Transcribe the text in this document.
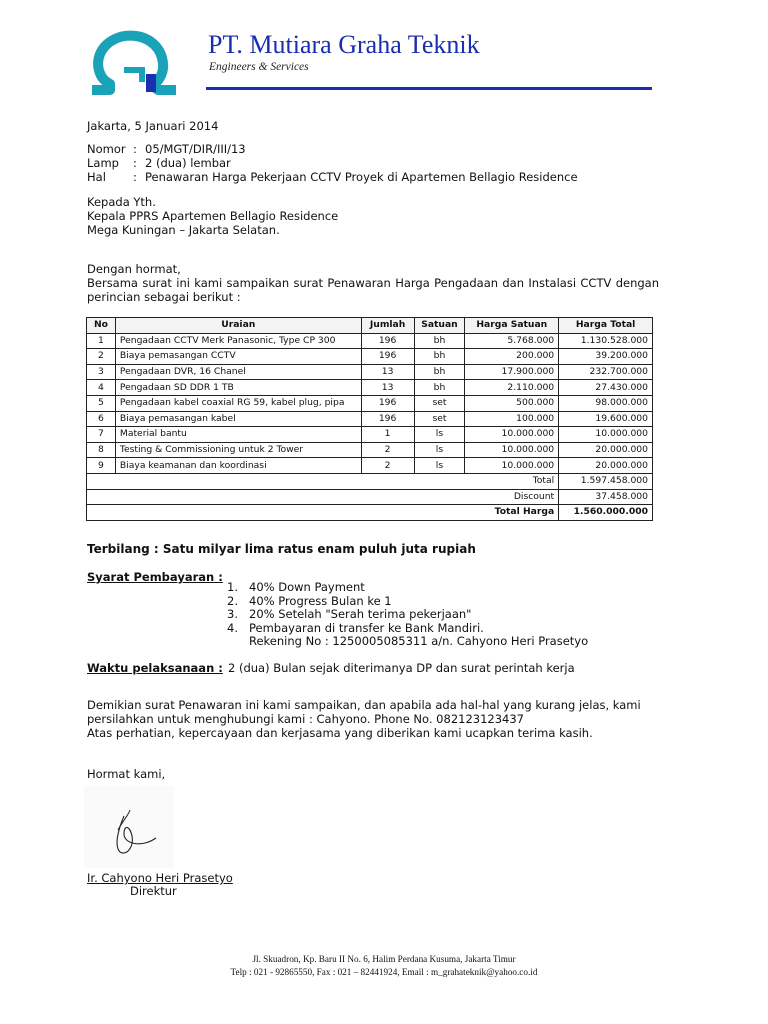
PT. Mutiara Graha Teknik
Engineers & Services
Jakarta, 5 Januari 2014
Nomor : 05/MGT/DIR/III/13
Lamp : 2 (dua) lembar
Hal : Penawaran Harga Pekerjaan CCTV Proyek di Apartemen Bellagio Residence
Kepada Yth.
Kepala PPRS Apartemen Bellagio Residence
Mega Kuningan – Jakarta Selatan.
Dengan hormat,
Bersama surat ini kami sampaikan surat Penawaran Harga Pengadaan dan Instalasi CCTV dengan perincian sebagai berikut :
No	Uraian	Jumlah	Satuan	Harga Satuan	Harga Total
1	Pengadaan CCTV Merk Panasonic, Type CP 300	196	bh	5.768.000	1.130.528.000
2	Biaya pemasangan CCTV	196	bh	200.000	39.200.000
3	Pengadaan DVR, 16 Chanel	13	bh	17.900.000	232.700.000
4	Pengadaan SD DDR 1 TB	13	bh	2.110.000	27.430.000
5	Pengadaan kabel coaxial RG 59, kabel plug, pipa	196	set	500.000	98.000.000
6	Biaya pemasangan kabel	196	set	100.000	19.600.000
7	Material bantu	1	ls	10.000.000	10.000.000
8	Testing & Commissioning untuk 2 Tower	2	ls	10.000.000	20.000.000
9	Biaya keamanan dan koordinasi	2	ls	10.000.000	20.000.000
Total					1.597.458.000
Discount					37.458.000
Total Harga					1.560.000.000
Terbilang : Satu milyar lima ratus enam puluh juta rupiah
Syarat Pembayaran :
1. 40% Down Payment
2. 40% Progress Bulan ke 1
3. 20% Setelah "Serah terima pekerjaan"
4. Pembayaran di transfer ke Bank Mandiri.
Rekening No : 1250005085311 a/n. Cahyono Heri Prasetyo
Waktu pelaksanaan : 2 (dua) Bulan sejak diterimanya DP dan surat perintah kerja
Demikian surat Penawaran ini kami sampaikan, dan apabila ada hal-hal yang kurang jelas, kami persilahkan untuk menghubungi kami : Cahyono. Phone No. 082123123437
Atas perhatian, kepercayaan dan kerjasama yang diberikan kami ucapkan terima kasih.
Hormat kami,
Ir. Cahyono Heri Prasetyo
Direktur
Jl. Skuadron, Kp. Baru II No. 6, Halim Perdana Kusuma, Jakarta Timur
Telp : 021 - 92865550, Fax : 021 – 82441924, Email : m_grahateknik@yahoo.co.id
